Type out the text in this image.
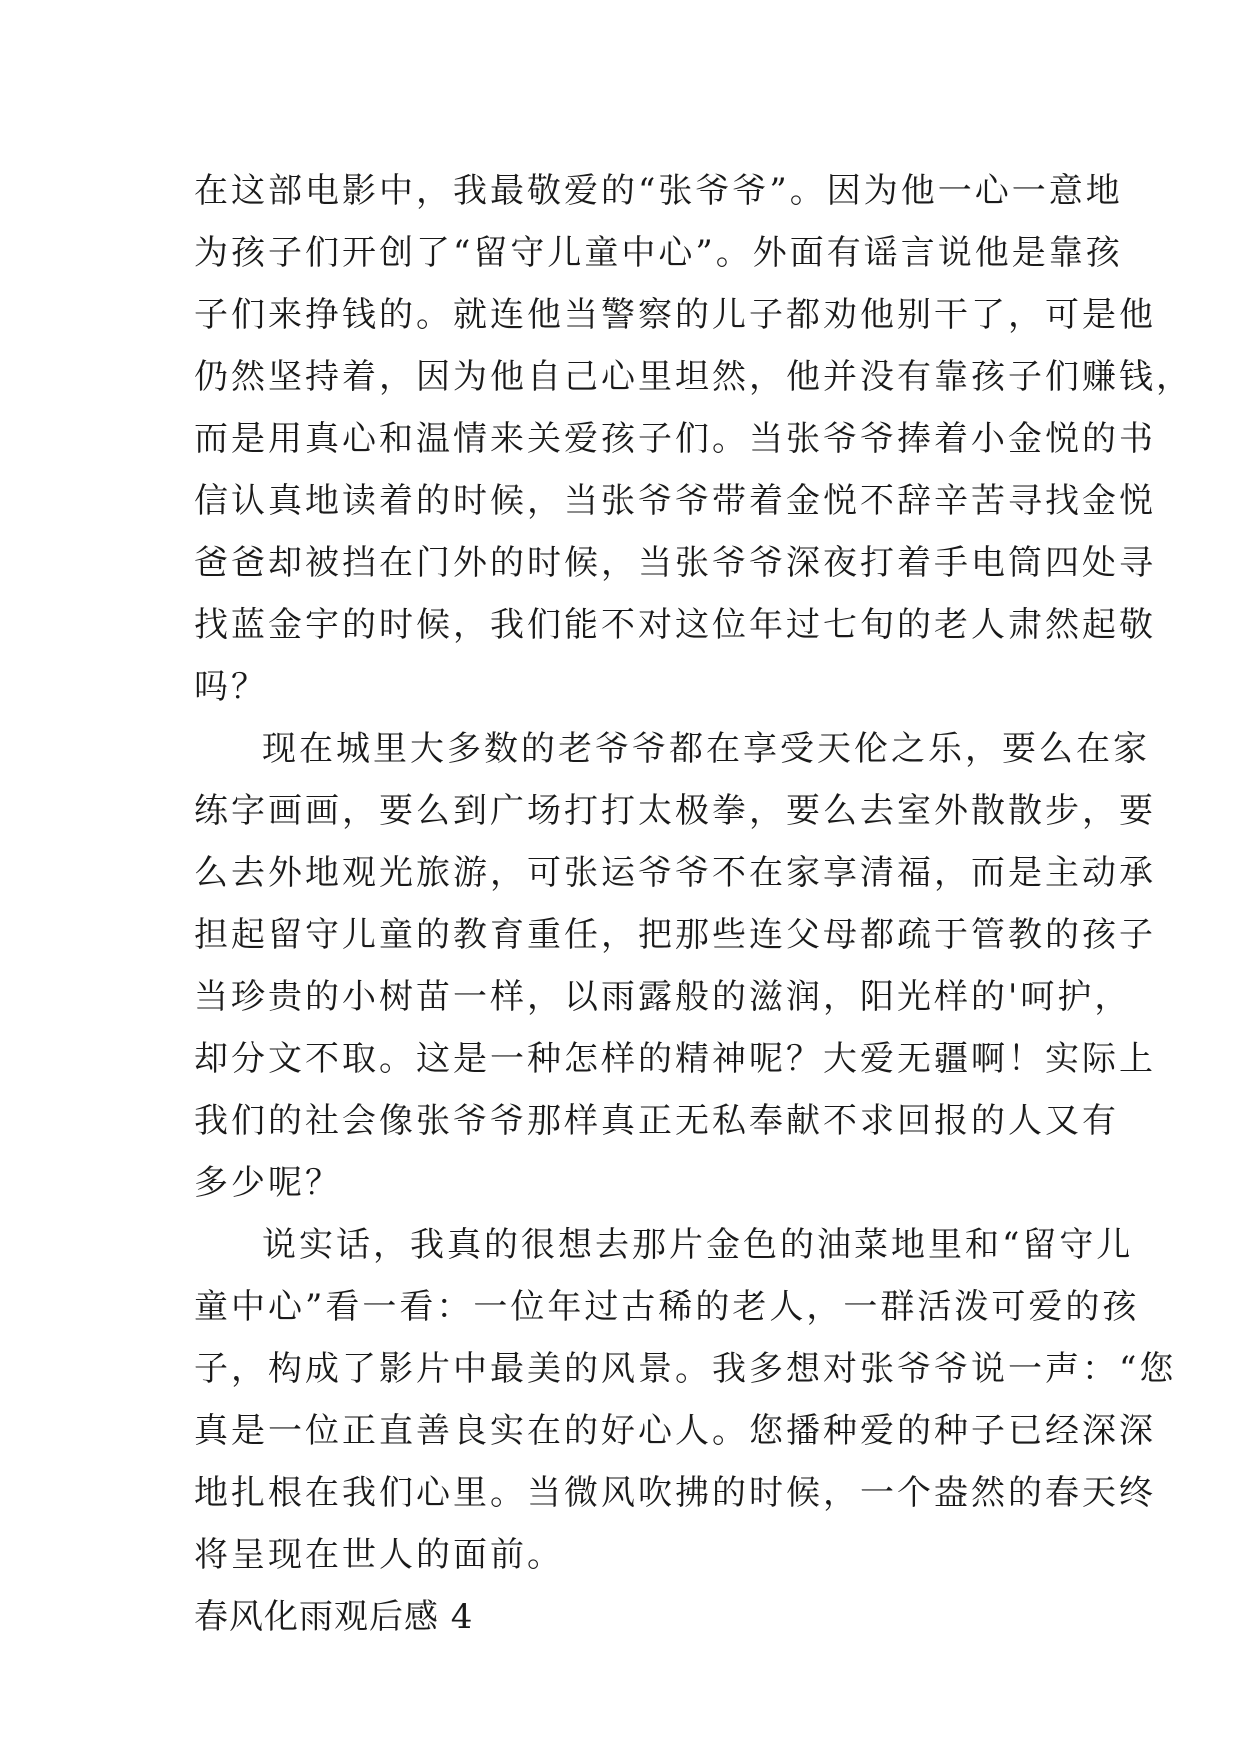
在这部电影中，我最敬爱的“张爷爷”。因为他一心一意地
为孩子们开创了“留守儿童中心”。外面有谣言说他是靠孩
子们来挣钱的。就连他当警察的儿子都劝他别干了，可是他
仍然坚持着，因为他自己心里坦然，他并没有靠孩子们赚钱，
而是用真心和温情来关爱孩子们。当张爷爷捧着小金悦的书
信认真地读着的时候，当张爷爷带着金悦不辞辛苦寻找金悦
爸爸却被挡在门外的时候，当张爷爷深夜打着手电筒四处寻
找蓝金宇的时候，我们能不对这位年过七旬的老人肃然起敬
吗？
现在城里大多数的老爷爷都在享受天伦之乐，要么在家
练字画画，要么到广场打打太极拳，要么去室外散散步，要
么去外地观光旅游，可张运爷爷不在家享清福，而是主动承
担起留守儿童的教育重任，把那些连父母都疏于管教的孩子
当珍贵的小树苗一样，以雨露般的滋润，阳光样的'呵护，
却分文不取。这是一种怎样的精神呢？大爱无疆啊！实际上
我们的社会像张爷爷那样真正无私奉献不求回报的人又有
多少呢？
说实话，我真的很想去那片金色的油菜地里和“留守儿
童中心”看一看：一位年过古稀的老人，一群活泼可爱的孩
子，构成了影片中最美的风景。我多想对张爷爷说一声：“您
真是一位正直善良实在的好心人。您播种爱的种子已经深深
地扎根在我们心里。当微风吹拂的时候，一个盎然的春天终
将呈现在世人的面前。
春风化雨观后感 4
